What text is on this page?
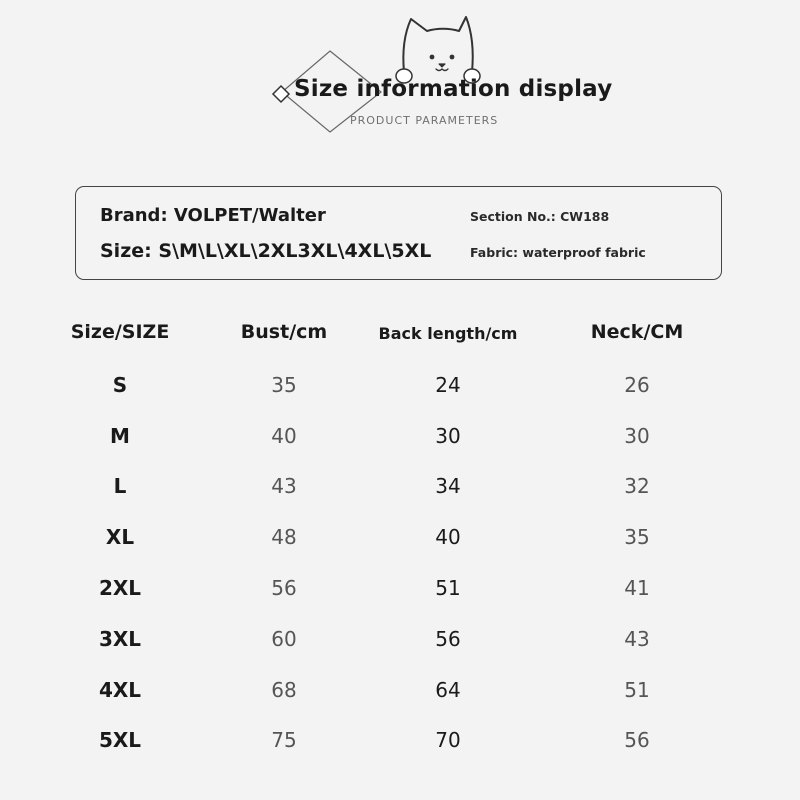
Size information display
PRODUCT PARAMETERS
Brand: VOLPET/Walter
Size: S\M\L\XL\2XL3XL\4XL\5XL
Section No.: CW188
Fabric: waterproof fabric
Size/SIZE	Bust/cm	Back length/cm	Neck/CM
S	35	24	26
M	40	30	30
L	43	34	32
XL	48	40	35
2XL	56	51	41
3XL	60	56	43
4XL	68	64	51
5XL	75	70	56
